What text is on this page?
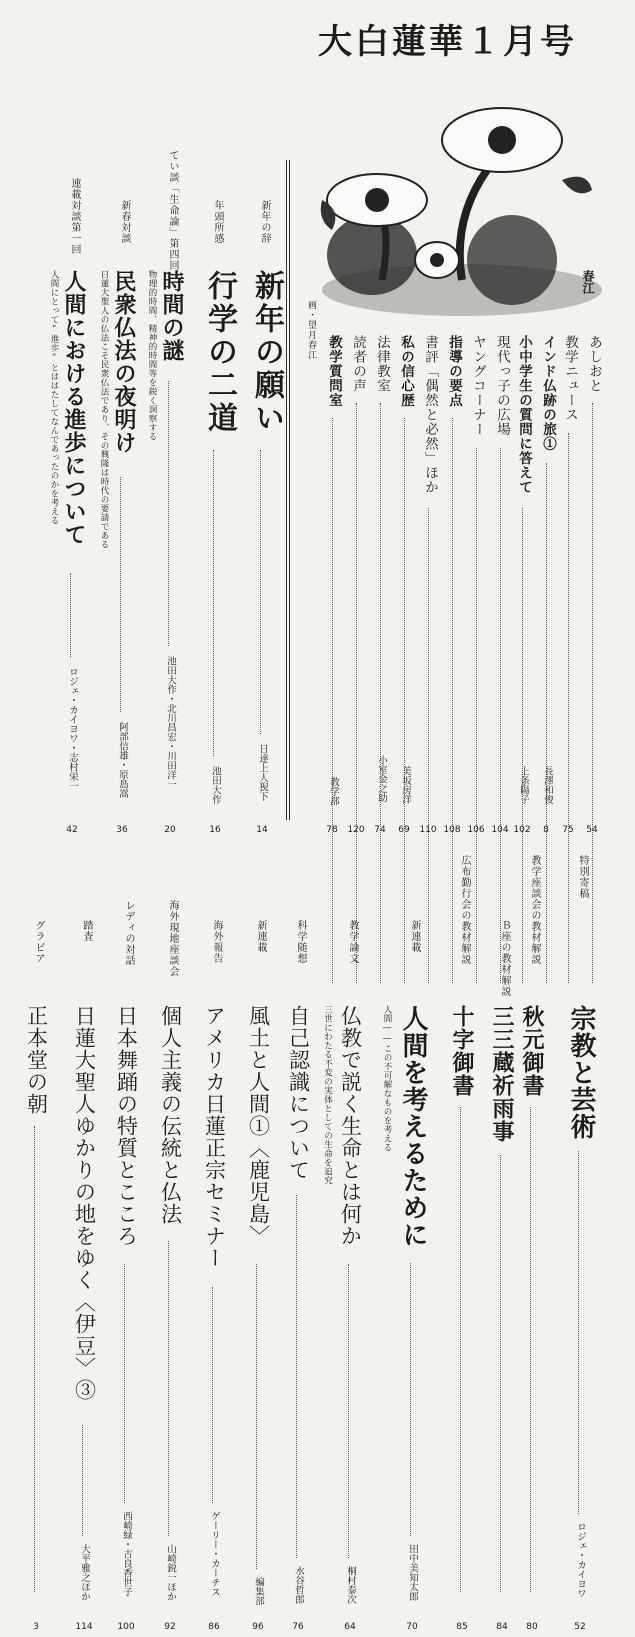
大白蓮華１月号
春江
画・望月春江
あしおと
54
教学ニュース
75
インド仏跡の旅①
長澤和俊
8
小中学生の質問に答えて
上条陽子
102
現代っ子の広場
104
ヤングコーナー
106
指導の要点
108
書評「偶然と必然」ほか
110
私の信心歴
美坂房洋
69
法律教室
小室金之助
74
読者の声
120
教学質問室
教学部
78
新年の辞
新年の願い
日達上人猊下
14
年頭所感
行学の二道
池田大作
16
てい談「生命論」第四回
時間の謎
物理的時間、精神的時間等を鋭く洞察する
池田大作・北川昌宏・川田洋一
20
新春対談
民衆仏法の夜明け
日蓮大聖人の仏法こそ民衆仏法であり、その興隆は時代の要請である
阿部信雄・原島嵩
36
連載対談第一回
人間における進歩について
人間にとって“進歩”とははたしてなんであったのかを考える
ロジェ・カイヨワ・志村栄一
42
特別寄稿
宗教と芸術
ロジェ・カイヨワ
52
教学座談会の教材解説
秋元御書
80
Ｂ座の教材解説
三三蔵祈雨事
84
広布勤行会の教材解説
十字御書
85
新連載
人間を考えるために
人間――この不可解なものを考える
田中美知太郎
70
教学論文
仏教で説く生命とは何か
三世にわたる不変の実体としての生命を追究
桐村泰次
64
科学随想
自己認識について
水谷哲郎
76
新連載
風土と人間①〈鹿児島〉
編集部
96
海外報告
アメリカ日蓮正宗セミナー
ゲーリー・カーチス
86
海外現地座談会
個人主義の伝統と仏法
山崎鋭一ほか
92
レディの対話
日本舞踊の特質とこころ
西崎緑・吉良香世子
100
踏査
日蓮大聖人ゆかりの地をゆく〈伊豆〉③
大平雅之ほか
114
グラビア
正本堂の朝
3
